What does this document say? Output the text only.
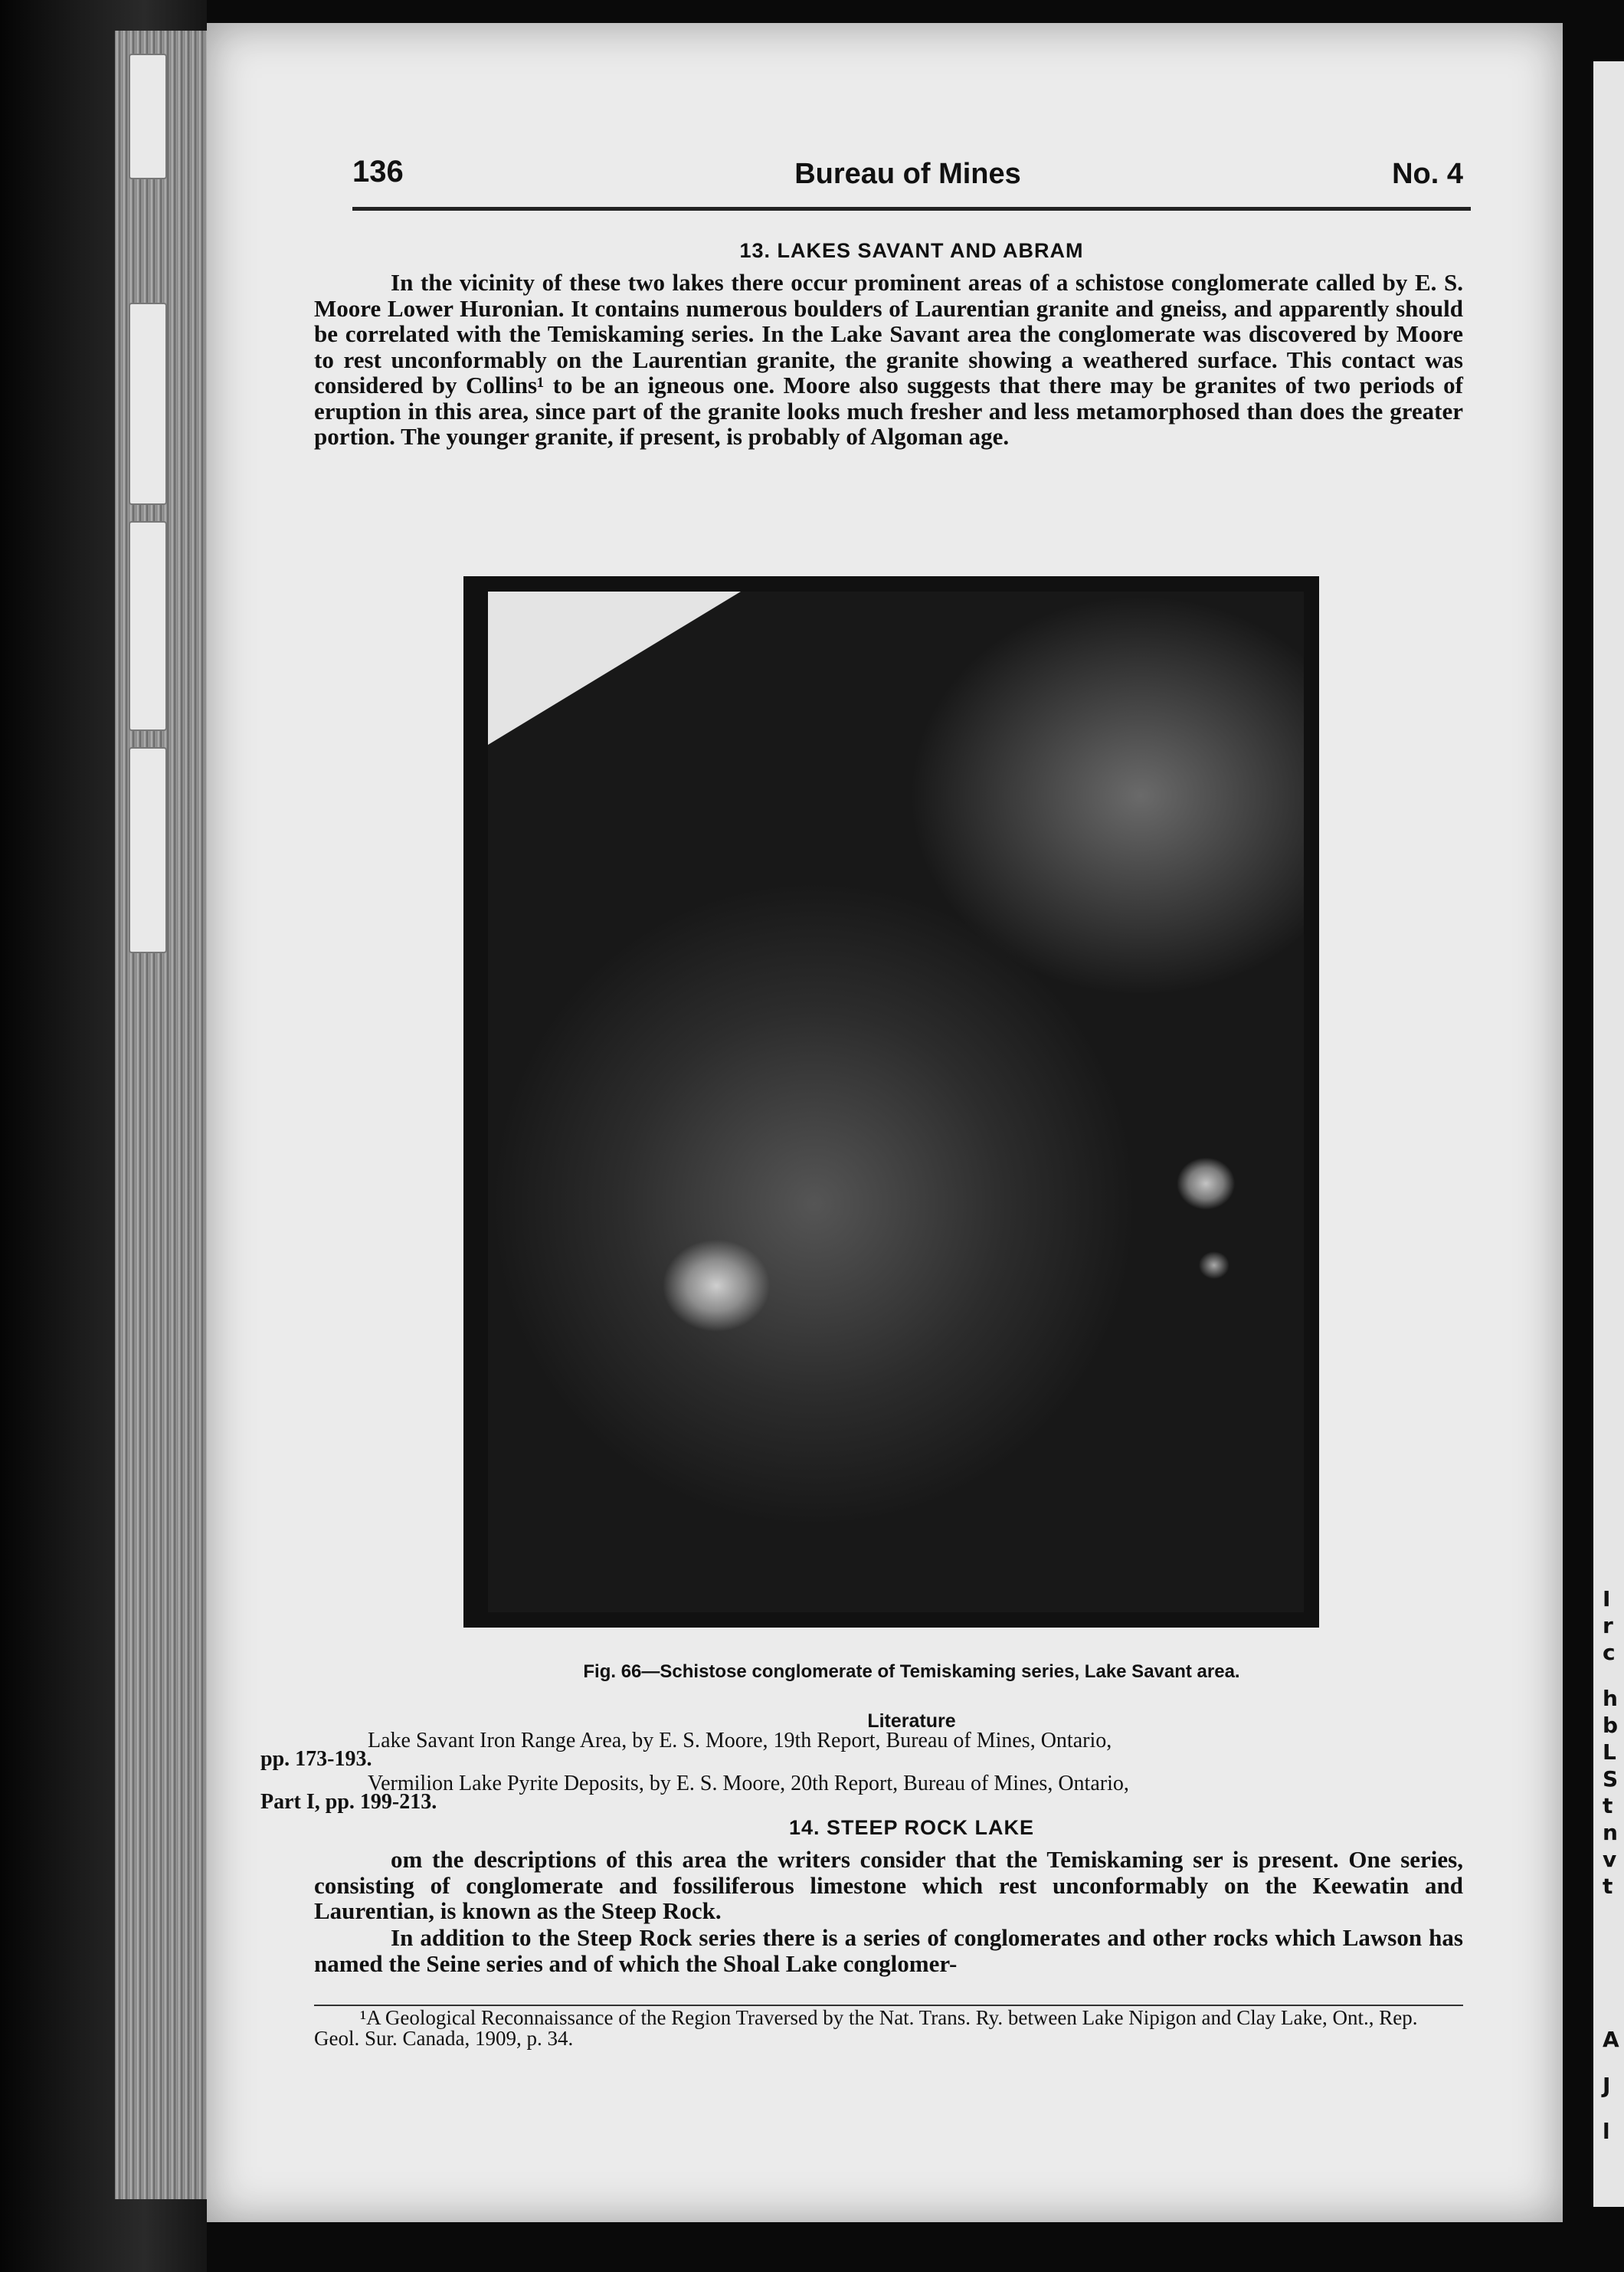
I
r
c
h
b
L
S
t
n
v
t
A
J
l
136	Bureau of Mines	No. 4
13. LAKES SAVANT AND ABRAM
In the vicinity of these two lakes there occur prominent areas of a schistose conglomerate called by E. S. Moore Lower Huronian. It contains numerous boulders of Laurentian granite and gneiss, and apparently should be correlated with the Temiskaming series. In the Lake Savant area the conglomerate was discovered by Moore to rest unconformably on the Laurentian granite, the granite showing a weathered surface. This contact was considered by Collins¹ to be an igneous one. Moore also suggests that there may be granites of two periods of eruption in this area, since part of the granite looks much fresher and less metamorphosed than does the greater portion. The younger granite, if present, is probably of Algoman age.
Fig. 66—Schistose conglomerate of Temiskaming series, Lake Savant area.
Literature
Lake Savant Iron Range Area, by E. S. Moore, 19th Report, Bureau of Mines, Ontario,
pp. 173-193.
Vermilion Lake Pyrite Deposits, by E. S. Moore, 20th Report, Bureau of Mines, Ontario,
Part I, pp. 199-213.
14. STEEP ROCK LAKE
om the descriptions of this area the writers consider that the Temiskaming ser is present. One series, consisting of conglomerate and fossiliferous limestone which rest unconformably on the Keewatin and Laurentian, is known as the Steep Rock.
In addition to the Steep Rock series there is a series of conglomerates and other rocks which Lawson has named the Seine series and of which the Shoal Lake conglomer-
¹A Geological Reconnaissance of the Region Traversed by the Nat. Trans. Ry. between Lake Nipigon and Clay Lake, Ont., Rep. Geol. Sur. Canada, 1909, p. 34.
